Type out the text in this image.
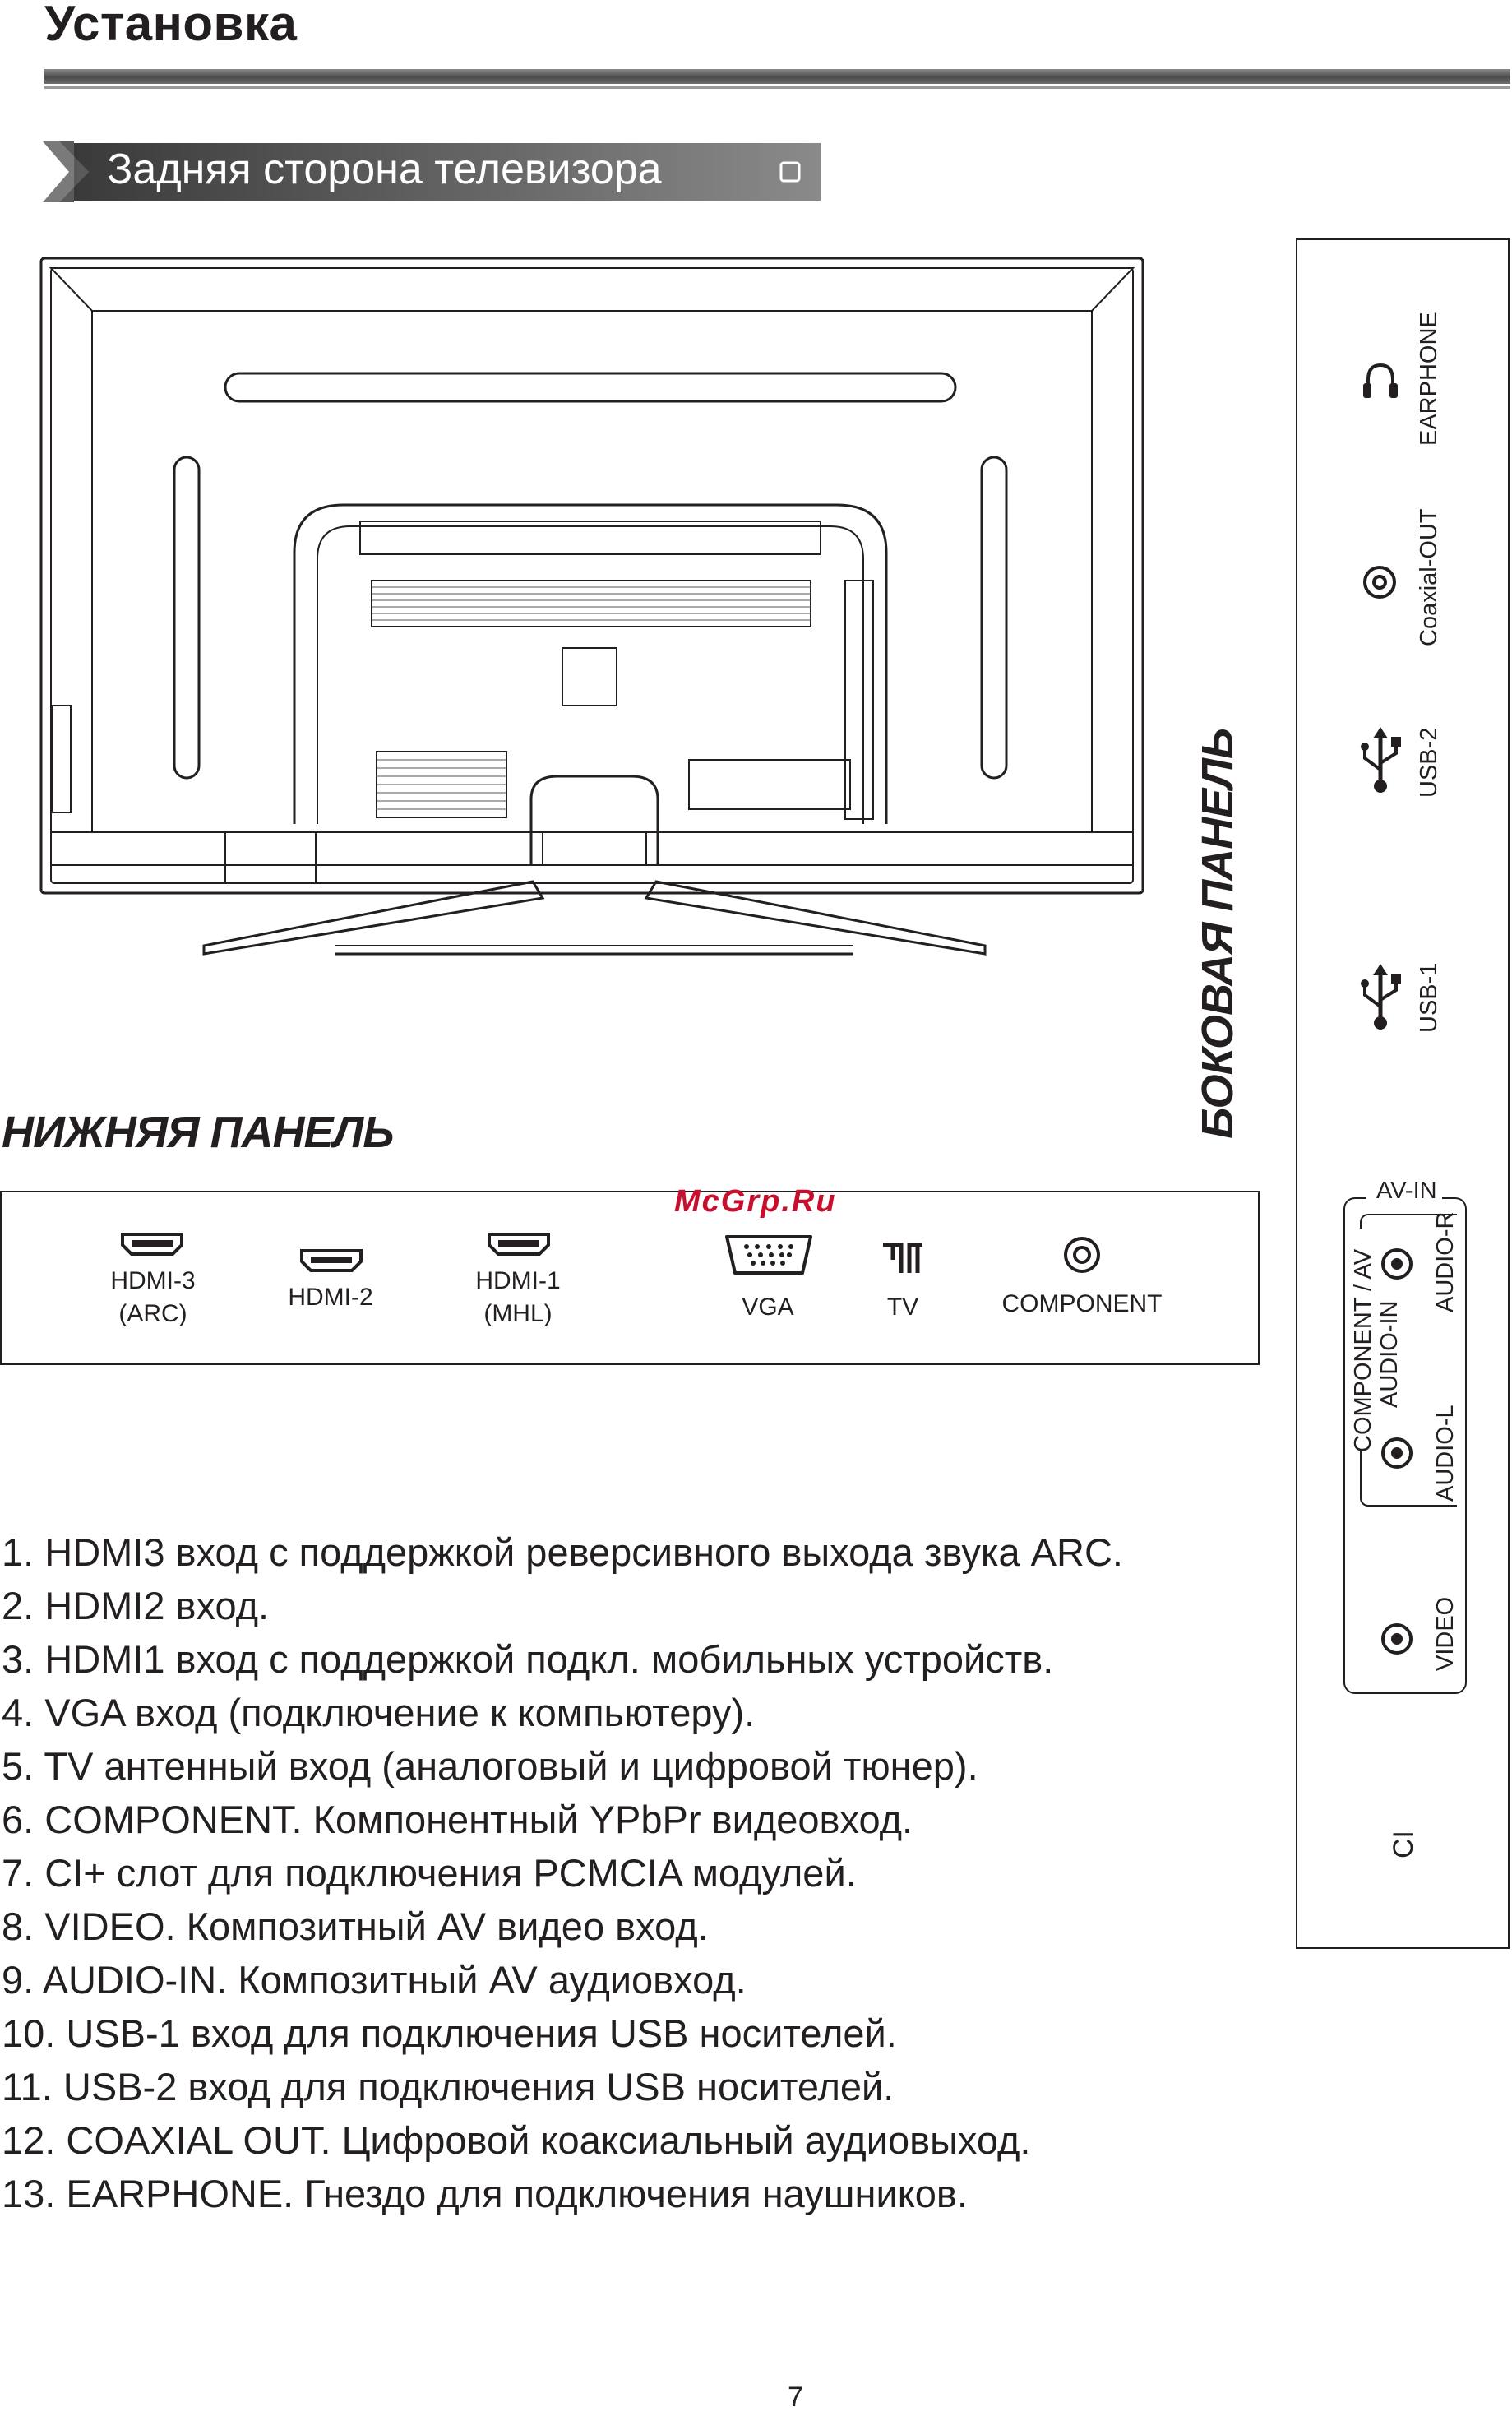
Установка
Задняя сторона телевизора
БОКОВАЯ ПАНЕЛЬ
EARPHONE
Coaxial-OUT
USB-2
USB-1
AV-IN
COMPONENT / AV AUDIO-R
AUDIO-IN
AUDIO-L
VIDEO
CI
НИЖНЯЯ ПАНЕЛЬ
McGrp.Ru
HDMI-3
(ARC)
HDMI-2
HDMI-1
(MHL)	VGA	TV	COMPONENT
1. HDMI3 вход с поддержкой реверсивного выхода звука ARC.
2. HDMI2 вход.
3. HDMI1 вход с поддержкой подкл. мобильных устройств.
4. VGA вход (подключение к компьютеру).
5. TV антенный вход (аналоговый и цифровой тюнер).
6. COMPONENT. Компонентный YPbPr видеовход.
7. CI+ слот для подключения PCMCIA модулей.
8. VIDEO. Композитный AV видео вход.
9. AUDIO-IN. Композитный AV аудиовход.
10. USB-1 вход для подключения USB носителей.
11. USB-2 вход для подключения USB носителей.
12. COAXIAL OUT. Цифровой коаксиальный аудиовыход.
13. EARPHONE. Гнездо для подключения наушников.
7
